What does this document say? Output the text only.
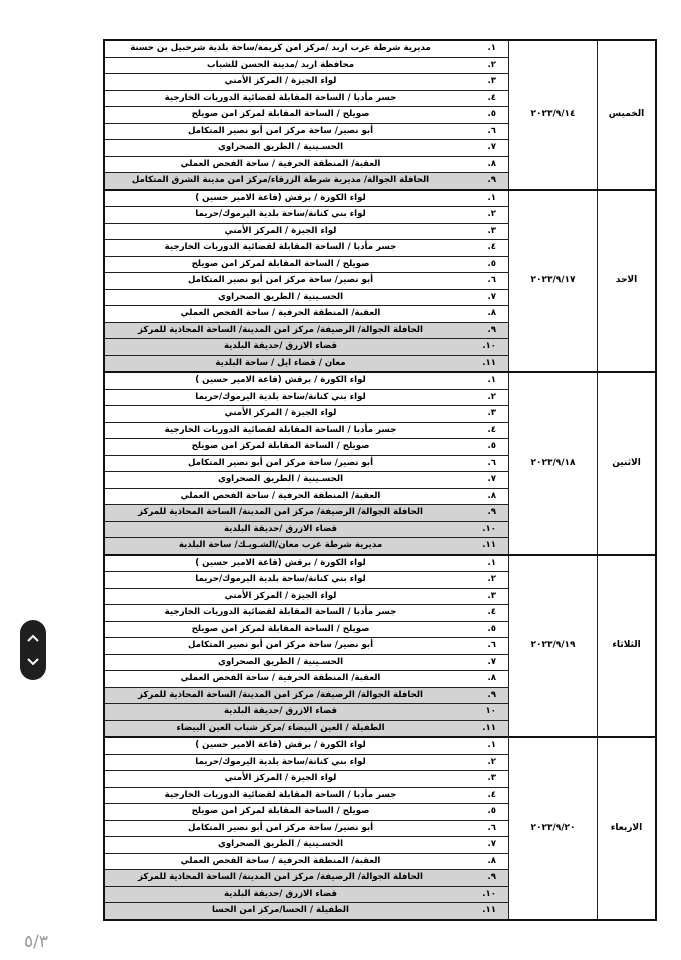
الخميس	٢٠٢٣/٩/١٤	١.	مديرية شرطة غرب اربد /مركز امن كريمة/ساحة بلدية شرحبيل بن حسنة
		٢.	محافظة اربد /مدينة الحسن للشباب
		٣.	لواء الجيزة / المركز الأمني
		٤.	جسر مأدبا / الساحة المقابلة لقضائية الدوريات الخارجية
		٥.	صويلح / الساحة المقابلة لمركز امن صويلح
		٦.	أبو نصير/ ساحة مركز امن أبو نصير المتكامل
		٧.	الحسـينية / الطريق الصحراوي
		٨.	العقبة/ المنطقة الحرفية / ساحة الفحص العملي
		٩.	الحافلة الجوالة/ مديرية شرطة الزرقاء/مركز امن مدينة الشرق المتكامل
الاحد	٢٠٢٣/٩/١٧	١.	لواء الكورة / برقش (قاعة الامير حسين )
		٢.	لواء بني كنانة/ساحة بلدية اليرموك/حريما
		٣.	لواء الجيزة / المركز الأمني
		٤.	جسر مأدبا / الساحة المقابلة لقضائية الدوريات الخارجية
		٥.	صويلح / الساحة المقابلة لمركز امن صويلح
		٦.	أبو نصير/ ساحة مركز امن أبو نصير المتكامل
		٧.	الحسـينية / الطريق الصحراوي
		٨.	العقبة/ المنطقة الحرفية / ساحة الفحص العملي
		٩.	الحافلة الجوالة/ الرصيفة/ مركز امن المدينة/ الساحة المحاذية للمركز
		١٠.	قضاء الازرق /حديقة البلدية
		١١.	معان / قضاء ايل / ساحة البلدية
الاثنين	٢٠٢٣/٩/١٨	١.	لواء الكورة / برقش (قاعة الامير حسين )
		٢.	لواء بني كنانة/ساحة بلدية اليرموك/حريما
		٣.	لواء الجيزة / المركز الأمني
		٤.	جسر مأدبا / الساحة المقابلة لقضائية الدوريات الخارجية
		٥.	صويلح / الساحة المقابلة لمركز امن صويلح
		٦.	أبو نصير/ ساحة مركز امن أبو نصير المتكامل
		٧.	الحسـينية / الطريق الصحراوي
		٨.	العقبة/ المنطقة الحرفية / ساحة الفحص العملي
		٩.	الحافلة الجوالة/ الرصيفة/ مركز امن المدينة/ الساحة المحاذية للمركز
		١٠.	قضاء الازرق /حديقة البلدية
		١١.	مديرية شرطة غرب معان/الشـوبـك/ ساحة البلدية
الثلاثاء	٢٠٢٣/٩/١٩	١.	لواء الكورة / برقش (قاعة الامير حسين )
		٢.	لواء بني كنانة/ساحة بلدية اليرموك/حريما
		٣.	لواء الجيزة / المركز الأمني
		٤.	جسر مأدبا / الساحة المقابلة لقضائية الدوريات الخارجية
		٥.	صويلح / الساحة المقابلة لمركز امن صويلح
		٦.	أبو نصير/ ساحة مركز امن أبو نصير المتكامل
		٧.	الحسـينية / الطريق الصحراوي
		٨.	العقبة/ المنطقة الحرفية / ساحة الفحص العملي
		٩.	الحافلة الجوالة/ الرصيفة/ مركز امن المدينة/ الساحة المحاذية للمركز
		١٠	قضاء الازرق /حديقة البلدية
		١١.	الطفيلة / العين البيضاء /مركز شباب العين البيضاء
الاربعاء	٢٠٢٣/٩/٢٠	١.	لواء الكورة / برقش (قاعة الامير حسين )
		٢.	لواء بني كنانة/ساحة بلدية اليرموك/حريما
		٣.	لواء الجيزة / المركز الأمني
		٤.	جسر مأدبا / الساحة المقابلة لقضائية الدوريات الخارجية
		٥.	صويلح / الساحة المقابلة لمركز امن صويلح
		٦.	أبو نصير/ ساحة مركز امن أبو نصير المتكامل
		٧.	الحسـينية / الطريق الصحراوي
		٨.	العقبة/ المنطقة الحرفية / ساحة الفحص العملي
		٩.	الحافلة الجوالة/ الرصيفة/ مركز امن المدينة/ الساحة المحاذية للمركز
		١٠.	قضاء الازرق /حديقة البلدية
		١١.	الطفيلة / الحسا/مركز امن الحسا
٥/٣
